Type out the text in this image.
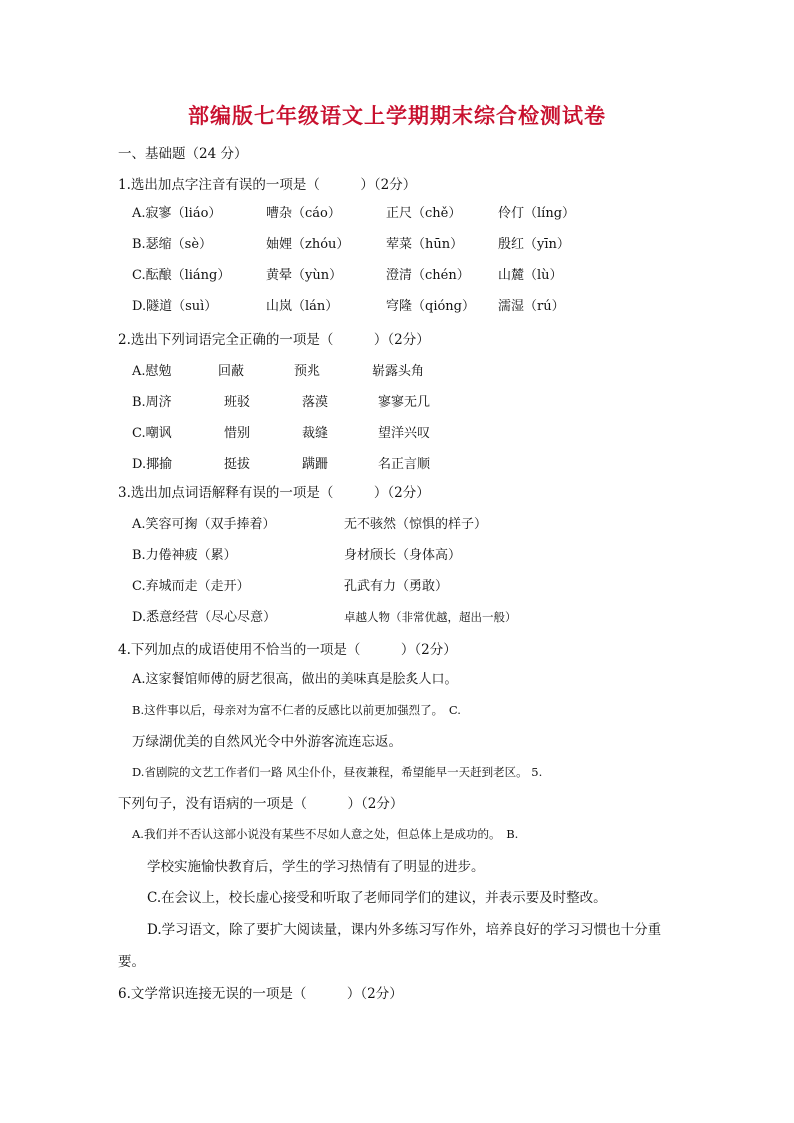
部编版七年级语文上学期期末综合检测试卷
一、基础题（24 分）
1.选出加点字注音有误的一项是（　　　）（2分）
A.寂寥（liáo）	嘈杂（cáo）	正尺（chě）	伶仃（líng）
B.瑟缩（sè）	妯娌（zhóu）	荤菜（hūn）	殷红（yīn）
C.酝酿（liáng）	黄晕（yùn）	澄清（chén） 山麓（lù）
D.隧道（suì）	山岚（lán）	穹隆（qióng） 濡湿（rú）
2.选出下列词语完全正确的一项是（　　　）（2分）
A.慰勉	回蔽	预兆	崭露头角
B.周济	班驳	落漠	寥寥无几
C.嘲讽	惜别	裁缝	望洋兴叹
D.揶揄	挺拔	蹒跚	名正言顺
3.选出加点词语解释有误的一项是（　　　）（2分）
A.笑容可掬（双手捧着）	无不骇然（惊惧的样子）
B.力倦神疲（累）	身材颀长（身体高）
C.弃城而走（走开）	孔武有力（勇敢）
D.悉意经营（尽心尽意）	卓越人物（非常优越，超出一般）
4.下列加点的成语使用不恰当的一项是（　　　）（2分）
A.这家餐馆师傅的厨艺很高，做出的美味真是脍炙人口。
B.这件事以后，母亲对为富不仁者的反感比以前更加强烈了。　C.
万绿湖优美的自然风光令中外游客流连忘返。
D.省剧院的文艺工作者们一路 风尘仆仆，昼夜兼程，希望能早一天赶到老区。 5.
下列句子，没有语病的一项是（　　　）（2分）
A.我们并不否认这部小说没有某些不尽如人意之处，但总体上是成功的。　B.
学校实施愉快教育后，学生的学习热情有了明显的进步。
C.在会议上，校长虚心接受和听取了老师同学们的建议，并表示要及时整改。
D.学习语文，除了要扩大阅读量，课内外多练习写作外，培养良好的学习习惯也十分重
要。
6.文学常识连接无误的一项是（　　　）（2分）
